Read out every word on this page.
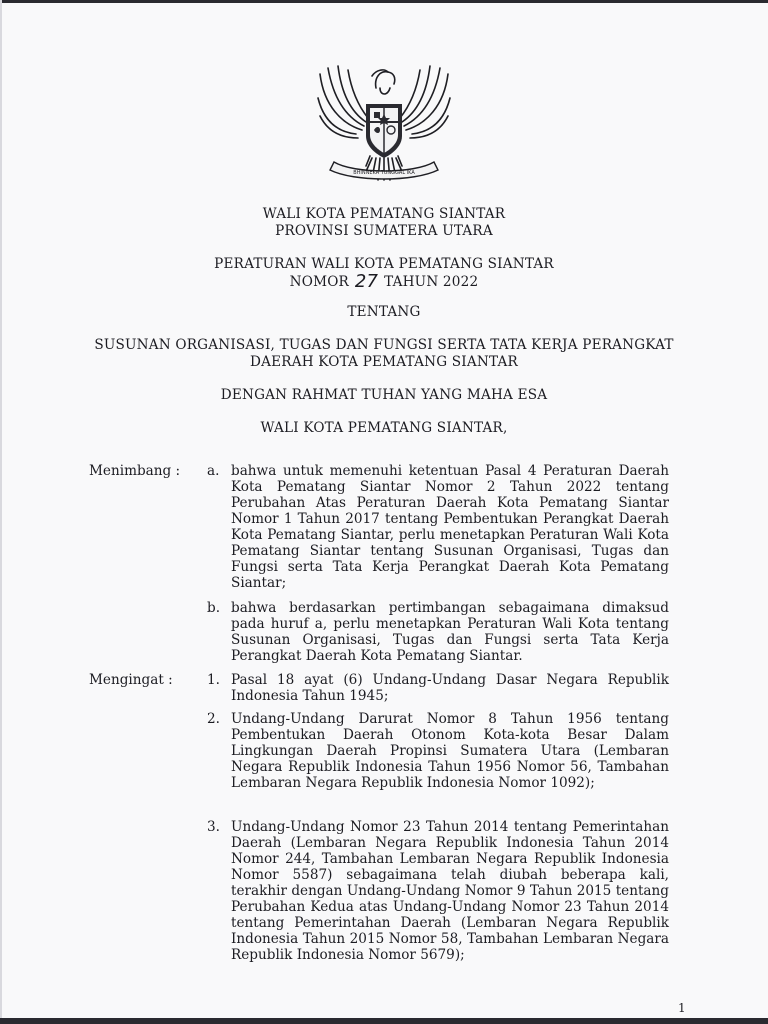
BHINNEKA TUNGGAL IKA
WALI KOTA PEMATANG SIANTAR
PROVINSI SUMATERA UTARA
PERATURAN WALI KOTA PEMATANG SIANTAR
NOMOR 27 TAHUN 2022
TENTANG
SUSUNAN ORGANISASI, TUGAS DAN FUNGSI SERTA TATA KERJA PERANGKAT
DAERAH KOTA PEMATANG SIANTAR
DENGAN RAHMAT TUHAN YANG MAHA ESA
WALI KOTA PEMATANG SIANTAR,
Menimbang : a. bahwa untuk memenuhi ketentuan Pasal 4 Peraturan Daerah Kota Pematang Siantar Nomor 2 Tahun 2022 tentang Perubahan Atas Peraturan Daerah Kota Pematang Siantar Nomor 1 Tahun 2017 tentang Pembentukan Perangkat Daerah Kota Pematang Siantar, perlu menetapkan Peraturan Wali Kota Pematang Siantar tentang Susunan Organisasi, Tugas dan Fungsi serta Tata Kerja Perangkat Daerah Kota Pematang Siantar;
b. bahwa berdasarkan pertimbangan sebagaimana dimaksud pada huruf a, perlu menetapkan Peraturan Wali Kota tentang Susunan Organisasi, Tugas dan Fungsi serta Tata Kerja Perangkat Daerah Kota Pematang Siantar.
Mengingat :	1. Pasal 18 ayat (6) Undang-Undang Dasar Negara Republik Indonesia Tahun 1945;
2. Undang-Undang Darurat Nomor 8 Tahun 1956 tentang Pembentukan Daerah Otonom Kota-kota Besar Dalam Lingkungan Daerah Propinsi Sumatera Utara (Lembaran Negara Republik Indonesia Tahun 1956 Nomor 56, Tambahan Lembaran Negara Republik Indonesia Nomor 1092);
3. Undang-Undang Nomor 23 Tahun 2014 tentang Pemerintahan Daerah (Lembaran Negara Republik Indonesia Tahun 2014 Nomor 244, Tambahan Lembaran Negara Republik Indonesia Nomor 5587) sebagaimana telah diubah beberapa kali, terakhir dengan Undang-Undang Nomor 9 Tahun 2015 tentang Perubahan Kedua atas Undang-Undang Nomor 23 Tahun 2014 tentang Pemerintahan Daerah (Lembaran Negara Republik Indonesia Tahun 2015 Nomor 58, Tambahan Lembaran Negara Republik Indonesia Nomor 5679);
1
